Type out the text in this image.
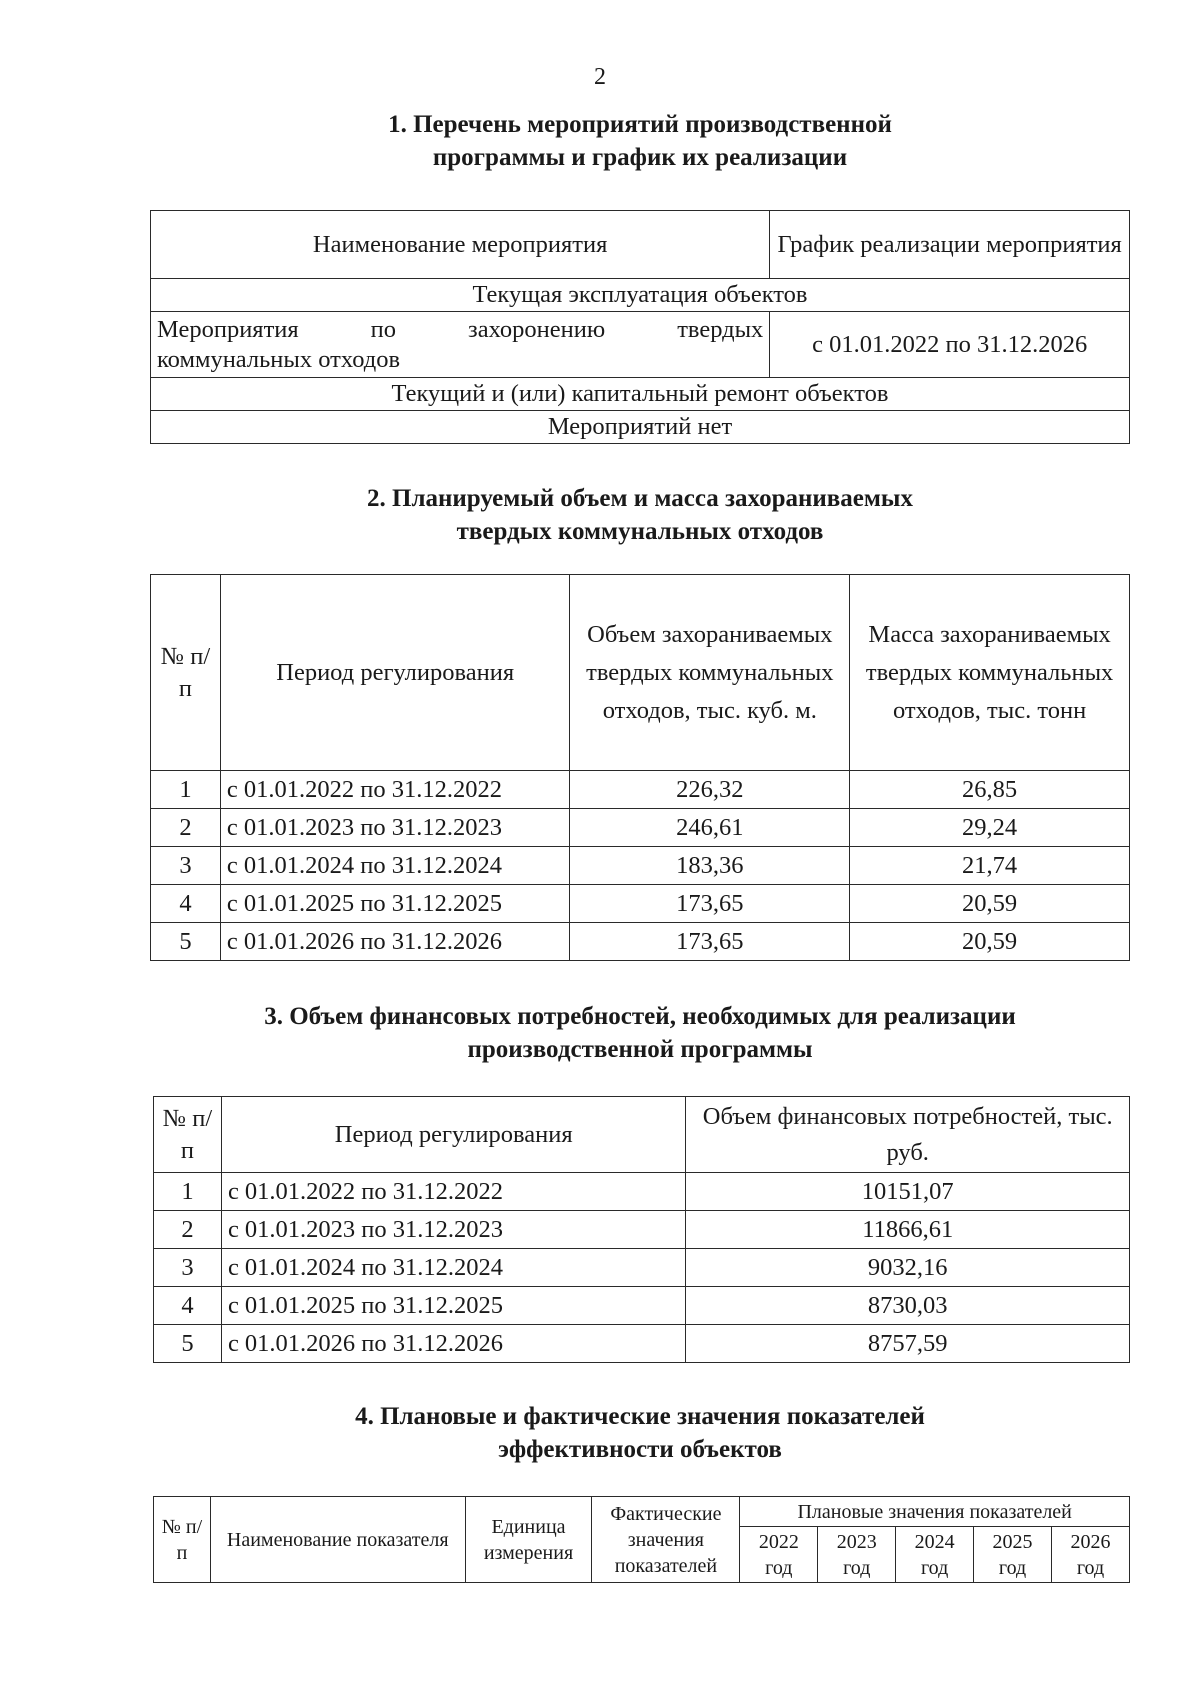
2
1. Перечень мероприятий производственной
программы и график их реализации
Наименование мероприятия	График реализации мероприятия
Текущая эксплуатация объектов	

Мероприятия по захоронению твердых
коммунальных отходов	с 01.01.2022 по 31.12.2026
Текущий и (или) капитальный ремонт объектов	
Мероприятий нет	
2. Планируемый объем и масса захораниваемых
твердых коммунальных отходов
№ п/п	Период регулирования	Объем захораниваемых твердых коммунальных отходов, тыс. куб. м.	Масса захораниваемых твердых коммунальных отходов, тыс. тонн
1	с 01.01.2022 по 31.12.2022	226,32	26,85
2	с 01.01.2023 по 31.12.2023	246,61	29,24
3	с 01.01.2024 по 31.12.2024	183,36	21,74
4	с 01.01.2025 по 31.12.2025	173,65	20,59
5	с 01.01.2026 по 31.12.2026	173,65	20,59
3. Объем финансовых потребностей, необходимых для реализации
производственной программы
№ п/п	Период регулирования	Объем финансовых потребностей, тыс. руб.
1	с 01.01.2022 по 31.12.2022	10151,07
2	с 01.01.2023 по 31.12.2023	11866,61
3	с 01.01.2024 по 31.12.2024	9032,16
4	с 01.01.2025 по 31.12.2025	8730,03
5	с 01.01.2026 по 31.12.2026	8757,59
4. Плановые и фактические значения показателей
эффективности объектов
№ п/п	Наименование показателя	Единица измерения	Фактические значения показателей	Плановые значения показателей				
				2022 год	2023 год	2024 год	2025 год	2026 год
